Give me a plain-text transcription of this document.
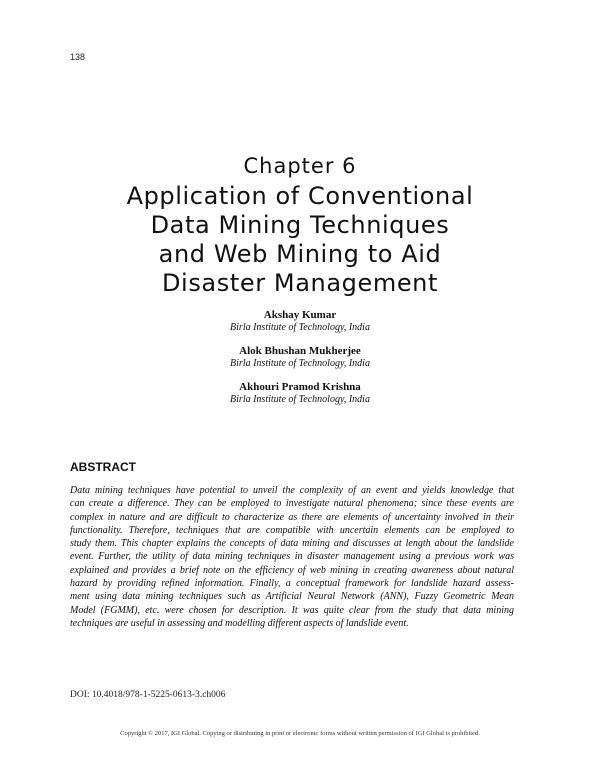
138
Chapter 6
Application of Conventional
Data Mining Techniques
and Web Mining to Aid
Disaster Management
Akshay Kumar
Birla Institute of Technology, India
Alok Bhushan Mukherjee
Birla Institute of Technology, India
Akhouri Pramod Krishna
Birla Institute of Technology, India
ABSTRACT
Data mining techniques have potential to unveil the complexity of an event and yields knowledge that
can create a difference. They can be employed to investigate natural phenomena; since these events are
complex in nature and are difficult to characterize as there are elements of uncertainty involved in their
functionality. Therefore, techniques that are compatible with uncertain elements can be employed to
study them. This chapter explains the concepts of data mining and discusses at length about the landslide
event. Further, the utility of data mining techniques in disaster management using a previous work was
explained and provides a brief note on the efficiency of web mining in creating awareness about natural
hazard by providing refined information. Finally, a conceptual framework for landslide hazard assess-
ment using data mining techniques such as Artificial Neural Network (ANN), Fuzzy Geometric Mean
Model (FGMM), etc. were chosen for description. It was quite clear from the study that data mining
techniques are useful in assessing and modelling different aspects of landslide event.
DOI: 10.4018/978-1-5225-0613-3.ch006
Copyright © 2017, IGI Global. Copying or distributing in print or electronic forms without written permission of IGI Global is prohibited.
